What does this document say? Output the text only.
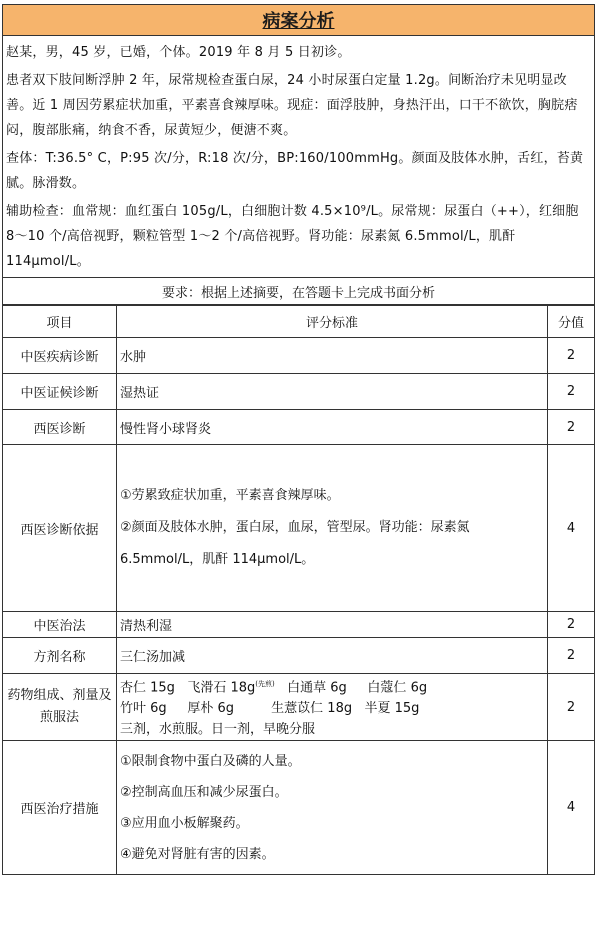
病案分析

赵某，男，45 岁，已婚，个体。2019 年 8 月 5 日初诊。

患者双下肢间断浮肿 2 年，尿常规检查蛋白尿，24 小时尿蛋白定量 1.2g。间断治疗未见明显改善。近 1 周因劳累症状加重，平素喜食辣厚味。现症：面浮肢肿，身热汗出，口干不欲饮，胸脘痞闷，腹部胀痛，纳食不香，尿黄短少，便溏不爽。

查体：T:36.5° C，P:95 次/分，R:18 次/分，BP:160/100mmHg。颜面及肢体水肿，舌红，苔黄腻。脉滑数。

辅助检查：血常规：血红蛋白 105g/L，白细胞计数 4.5×10⁹/L。尿常规：尿蛋白（++），红细胞 8～10 个/高倍视野，颗粒管型 1～2 个/高倍视野。肾功能：尿素氮 6.5mmol/L，肌酐 114μmol/L。

要求：根据上述摘要，在答题卡上完成书面分析
项目	评分标准	分值
中医疾病诊断	水肿	2
中医证候诊断	湿热证	2
西医诊断	慢性肾小球肾炎	2
西医诊断依据	①劳累致症状加重，平素喜食辣厚味。

②颜面及肢体水肿，蛋白尿，血尿，管型尿。肾功能：尿素氮

6.5mmol/L，肌酐 114μmol/L。	4
中医治法	清热利湿	2
方剂名称	三仁汤加减	2
药物组成、剂量及煎服法	杏仁 15g   飞滑石 $18g^{(先煎)}$   白通草 6g     白蔻仁 6g

竹叶 6g     厚朴 6g         生薏苡仁 18g   半夏 15g

三剂，水煎服。日一剂，早晚分服	2
西医治疗措施	①限制食物中蛋白及磷的人量。

②控制高血压和减少尿蛋白。

③应用血小板解聚药。

④避免对肾脏有害的因素。	4
